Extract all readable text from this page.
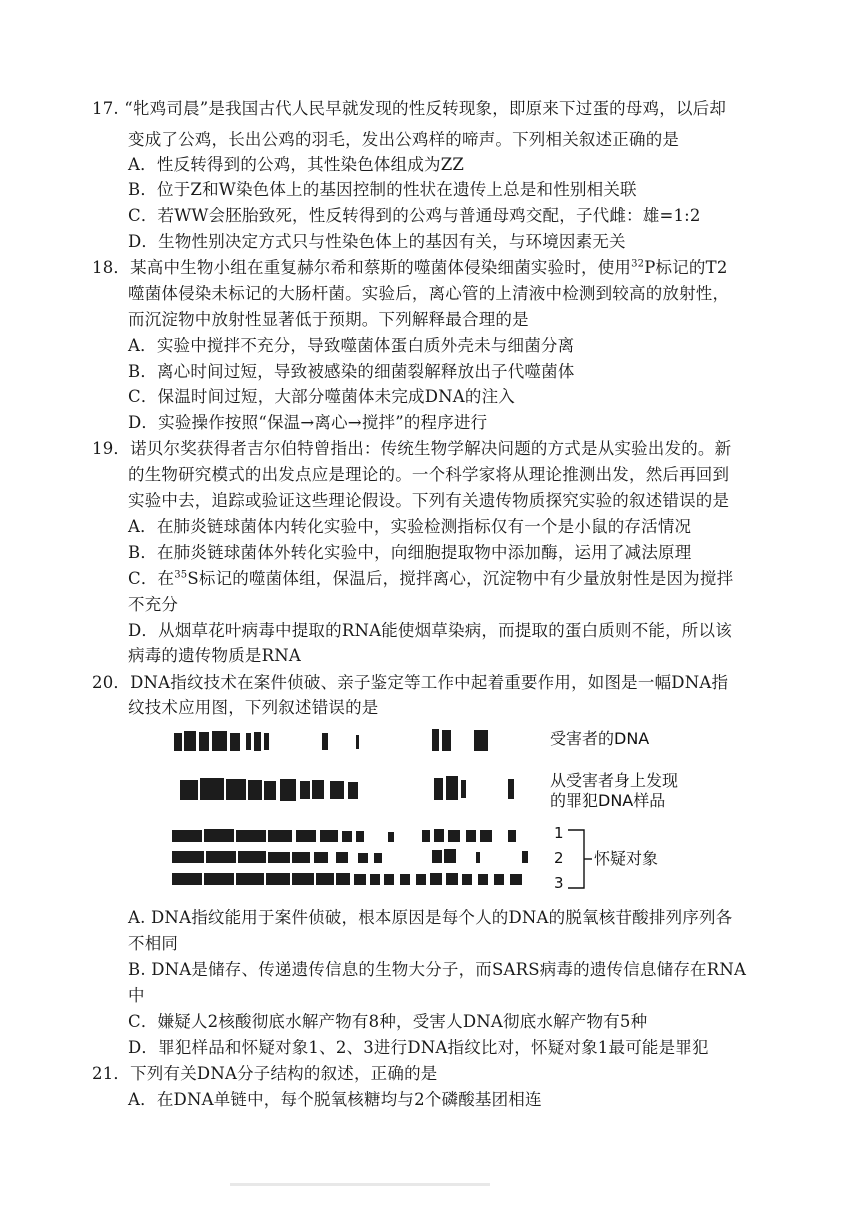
17. “牝鸡司晨”是我国古代人民早就发现的性反转现象，即原来下过蛋的母鸡，以后却
变成了公鸡，长出公鸡的羽毛，发出公鸡样的啼声。下列相关叙述正确的是
A．性反转得到的公鸡，其性染色体组成为ZZ
B．位于Z和W染色体上的基因控制的性状在遗传上总是和性别相关联
C．若WW会胚胎致死，性反转得到的公鸡与普通母鸡交配，子代雌：雄=1:2
D．生物性别决定方式只与性染色体上的基因有关，与环境因素无关
18．某高中生物小组在重复赫尔希和蔡斯的噬菌体侵染细菌实验时，使用$^{32}$P标记的T2
噬菌体侵染未标记的大肠杆菌。实验后，离心管的上清液中检测到较高的放射性，
而沉淀物中放射性显著低于预期。下列解释最合理的是
A．实验中搅拌不充分，导致噬菌体蛋白质外壳未与细菌分离
B．离心时间过短，导致被感染的细菌裂解释放出子代噬菌体
C．保温时间过短，大部分噬菌体未完成DNA的注入
D．实验操作按照“保温→离心→搅拌”的程序进行
19．诺贝尔奖获得者吉尔伯特曾指出：传统生物学解决问题的方式是从实验出发的。新
的生物研究模式的出发点应是理论的。一个科学家将从理论推测出发，然后再回到
实验中去，追踪或验证这些理论假设。下列有关遗传物质探究实验的叙述错误的是
A．在肺炎链球菌体内转化实验中，实验检测指标仅有一个是小鼠的存活情况
B．在肺炎链球菌体外转化实验中，向细胞提取物中添加酶，运用了减法原理
C．在$^{35}$S标记的噬菌体组，保温后，搅拌离心，沉淀物中有少量放射性是因为搅拌
不充分
D．从烟草花叶病毒中提取的RNA能使烟草染病，而提取的蛋白质则不能，所以该
病毒的遗传物质是RNA
20．DNA指纹技术在案件侦破、亲子鉴定等工作中起着重要作用，如图是一幅DNA指
纹技术应用图，下列叙述错误的是
受害者的DNA
从受害者身上发现
的罪犯DNA样品
1
2
3
怀疑对象
A. DNA指纹能用于案件侦破，根本原因是每个人的DNA的脱氧核苷酸排列序列各
不相同
B. DNA是储存、传递遗传信息的生物大分子，而SARS病毒的遗传信息储存在RNA
中
C．嫌疑人2核酸彻底水解产物有8种，受害人DNA彻底水解产物有5种
D．罪犯样品和怀疑对象1、2、3进行DNA指纹比对，怀疑对象1最可能是罪犯
21．下列有关DNA分子结构的叙述，正确的是
A．在DNA单链中，每个脱氧核糖均与2个磷酸基团相连
